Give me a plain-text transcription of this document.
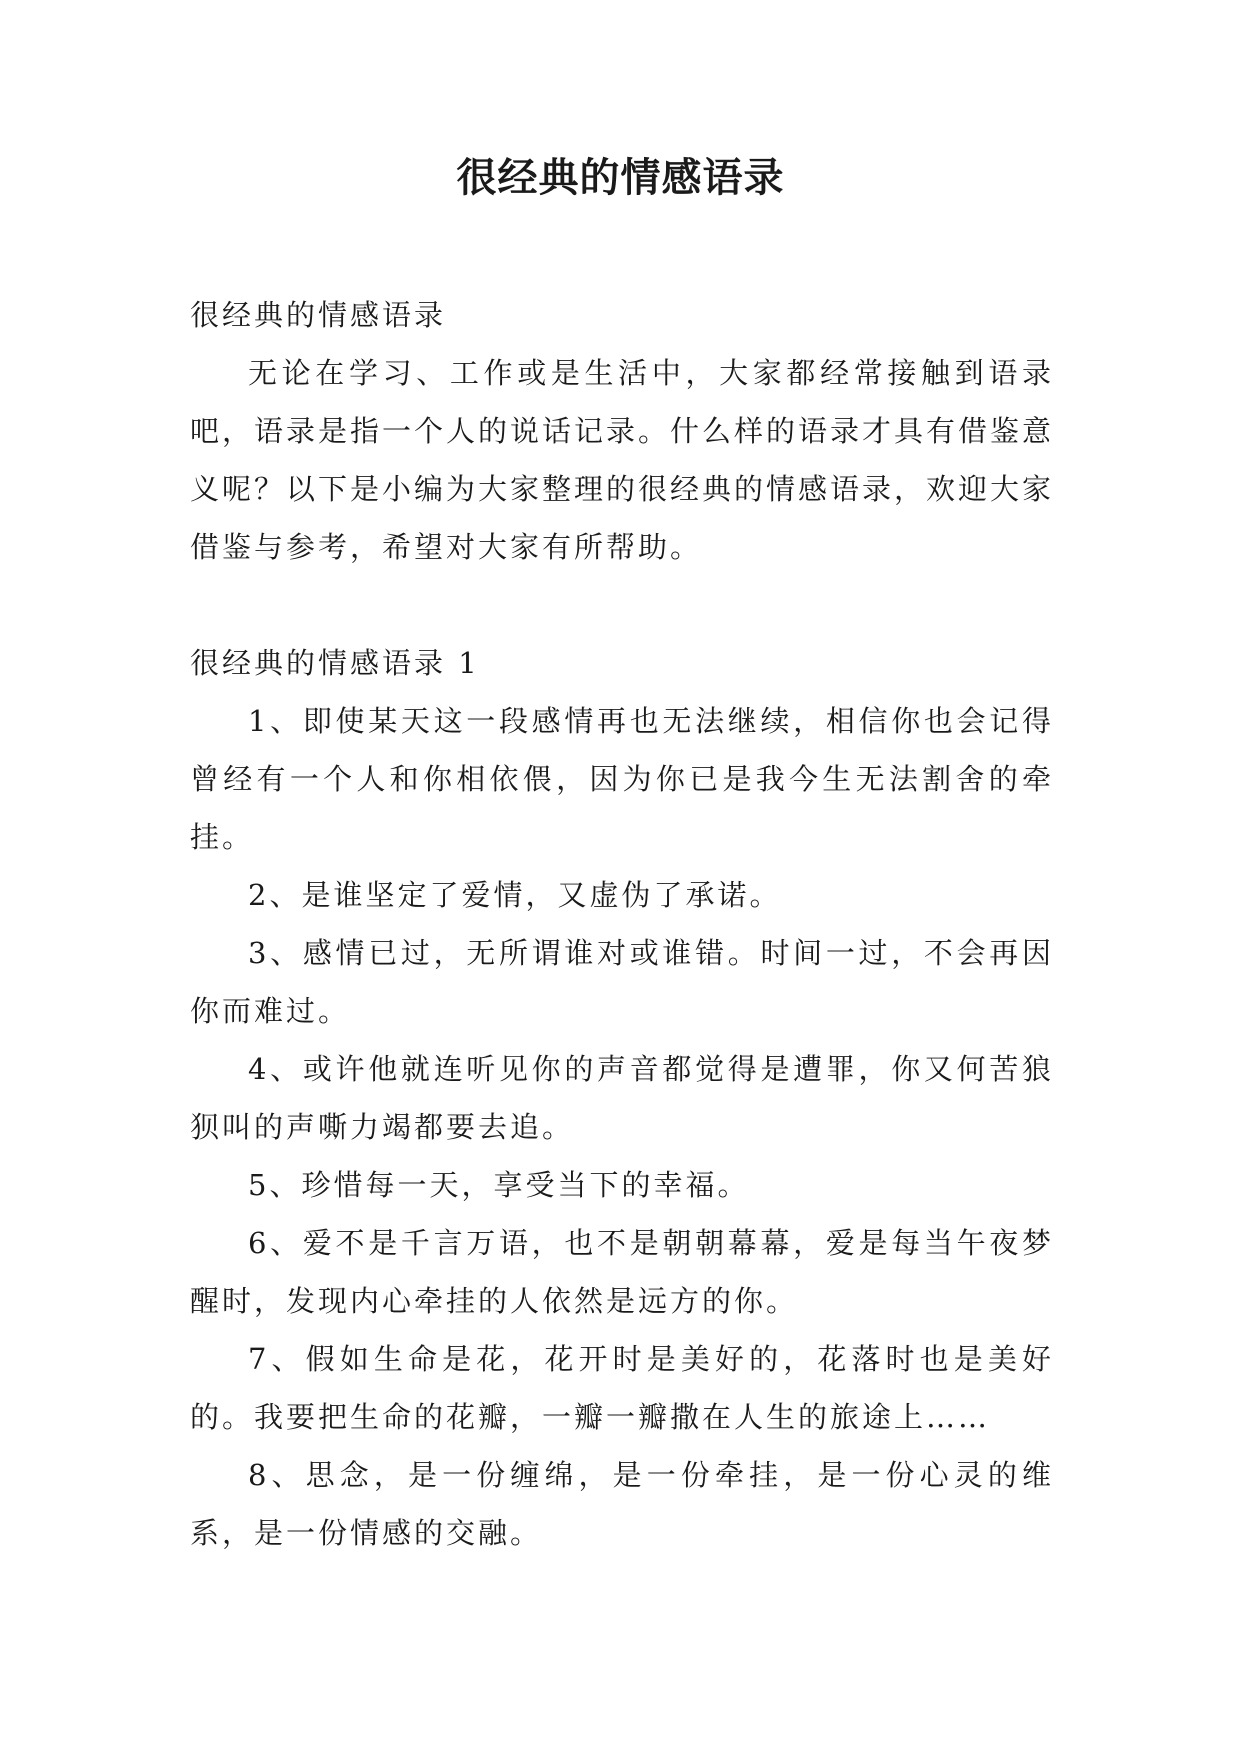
很经典的情感语录

很经典的情感语录

无论在学习、工作或是生活中，大家都经常接触到语录吧，语录是指一个人的说话记录。什么样的语录才具有借鉴意义呢？以下是小编为大家整理的很经典的情感语录，欢迎大家借鉴与参考，希望对大家有所帮助。

很经典的情感语录 1

1、即使某天这一段感情再也无法继续，相信你也会记得曾经有一个人和你相依偎，因为你已是我今生无法割舍的牵挂。

2、是谁坚定了爱情，又虚伪了承诺。

3、感情已过，无所谓谁对或谁错。时间一过，不会再因你而难过。

4、或许他就连听见你的声音都觉得是遭罪，你又何苦狼狈叫的声嘶力竭都要去追。

5、珍惜每一天，享受当下的幸福。

6、爱不是千言万语，也不是朝朝幕幕，爱是每当午夜梦醒时，发现内心牵挂的人依然是远方的你。

7、假如生命是花，花开时是美好的，花落时也是美好的。我要把生命的花瓣，一瓣一瓣撒在人生的旅途上……

8、思念，是一份缠绵，是一份牵挂，是一份心灵的维系，是一份情感的交融。
